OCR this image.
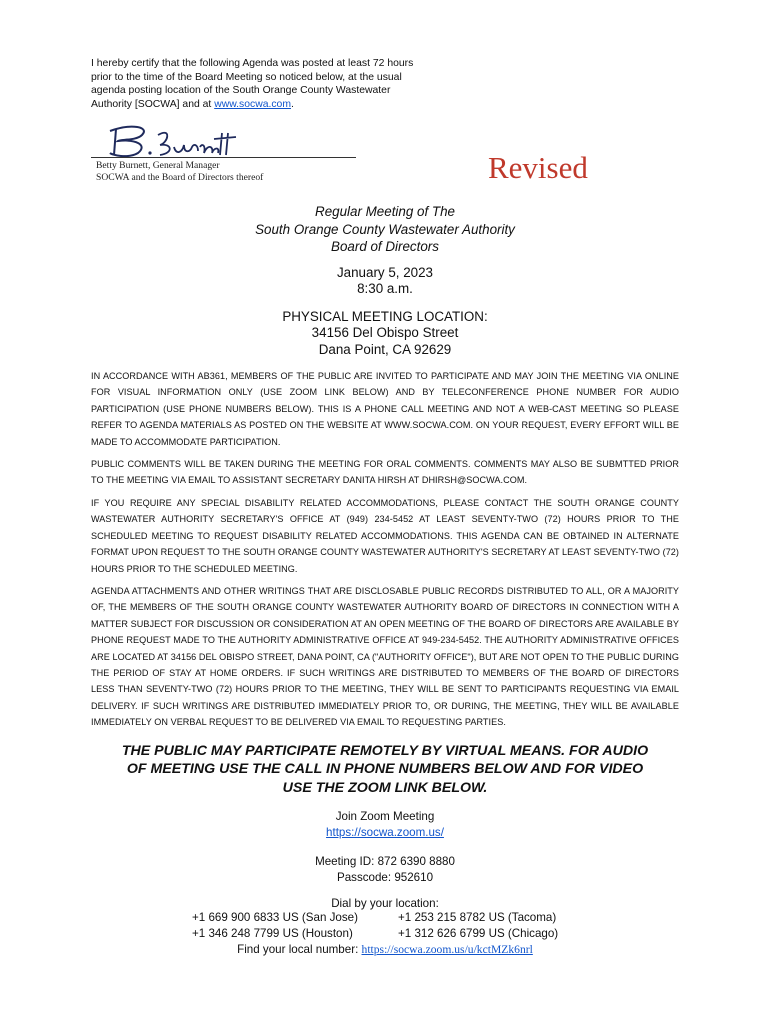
I hereby certify that the following Agenda was posted at least 72 hours prior to the time of the Board Meeting so noticed below, at the usual agenda posting location of the South Orange County Wastewater Authority [SOCWA] and at www.socwa.com.
Betty Burnett, General Manager
SOCWA and the Board of Directors thereof	Revised
Regular Meeting of The
South Orange County Wastewater Authority
Board of Directors
January 5, 2023
8:30 a.m.
PHYSICAL MEETING LOCATION:
34156 Del Obispo Street
Dana Point, CA 92629

IN ACCORDANCE WITH AB361, MEMBERS OF THE PUBLIC ARE INVITED TO PARTICIPATE AND MAY JOIN THE MEETING VIA ONLINE FOR VISUAL INFORMATION ONLY (USE ZOOM LINK BELOW) AND BY TELECONFERENCE PHONE NUMBER FOR AUDIO PARTICIPATION (USE PHONE NUMBERS BELOW). THIS IS A PHONE CALL MEETING AND NOT A WEB-CAST MEETING SO PLEASE REFER TO AGENDA MATERIALS AS POSTED ON THE WEBSITE AT WWW.SOCWA.COM. ON YOUR REQUEST, EVERY EFFORT WILL BE MADE TO ACCOMMODATE PARTICIPATION.

PUBLIC COMMENTS WILL BE TAKEN DURING THE MEETING FOR ORAL COMMENTS. COMMENTS MAY ALSO BE SUBMTTED PRIOR TO THE MEETING VIA EMAIL TO ASSISTANT SECRETARY DANITA HIRSH AT DHIRSH@SOCWA.COM.

IF YOU REQUIRE ANY SPECIAL DISABILITY RELATED ACCOMMODATIONS, PLEASE CONTACT THE SOUTH ORANGE COUNTY WASTEWATER AUTHORITY SECRETARY'S OFFICE AT (949) 234-5452 AT LEAST SEVENTY-TWO (72) HOURS PRIOR TO THE SCHEDULED MEETING TO REQUEST DISABILITY RELATED ACCOMMODATIONS. THIS AGENDA CAN BE OBTAINED IN ALTERNATE FORMAT UPON REQUEST TO THE SOUTH ORANGE COUNTY WASTEWATER AUTHORITY'S SECRETARY AT LEAST SEVENTY-TWO (72) HOURS PRIOR TO THE SCHEDULED MEETING.

AGENDA ATTACHMENTS AND OTHER WRITINGS THAT ARE DISCLOSABLE PUBLIC RECORDS DISTRIBUTED TO ALL, OR A MAJORITY OF, THE MEMBERS OF THE SOUTH ORANGE COUNTY WASTEWATER AUTHORITY BOARD OF DIRECTORS IN CONNECTION WITH A MATTER SUBJECT FOR DISCUSSION OR CONSIDERATION AT AN OPEN MEETING OF THE BOARD OF DIRECTORS ARE AVAILABLE BY PHONE REQUEST MADE TO THE AUTHORITY ADMINISTRATIVE OFFICE AT 949-234-5452. THE AUTHORITY ADMINISTRATIVE OFFICES ARE LOCATED AT 34156 DEL OBISPO STREET, DANA POINT, CA ("AUTHORITY OFFICE"), BUT ARE NOT OPEN TO THE PUBLIC DURING THE PERIOD OF STAY AT HOME ORDERS. IF SUCH WRITINGS ARE DISTRIBUTED TO MEMBERS OF THE BOARD OF DIRECTORS LESS THAN SEVENTY-TWO (72) HOURS PRIOR TO THE MEETING, THEY WILL BE SENT TO PARTICIPANTS REQUESTING VIA EMAIL DELIVERY. IF SUCH WRITINGS ARE DISTRIBUTED IMMEDIATELY PRIOR TO, OR DURING, THE MEETING, THEY WILL BE AVAILABLE IMMEDIATELY ON VERBAL REQUEST TO BE DELIVERED VIA EMAIL TO REQUESTING PARTIES.

THE PUBLIC MAY PARTICIPATE REMOTELY BY VIRTUAL MEANS. FOR AUDIO
OF MEETING USE THE CALL IN PHONE NUMBERS BELOW AND FOR VIDEO
USE THE ZOOM LINK BELOW.
Join Zoom Meeting
https://socwa.zoom.us/
Meeting ID: 872 6390 8880
Passcode: 952610
Dial by your location:
+1 669 900 6833 US (San Jose)	+1 253 215 8782 US (Tacoma)
+1 346 248 7799 US (Houston)	+1 312 626 6799 US (Chicago)
Find your local number: https://socwa.zoom.us/u/kctMZk6nrl
